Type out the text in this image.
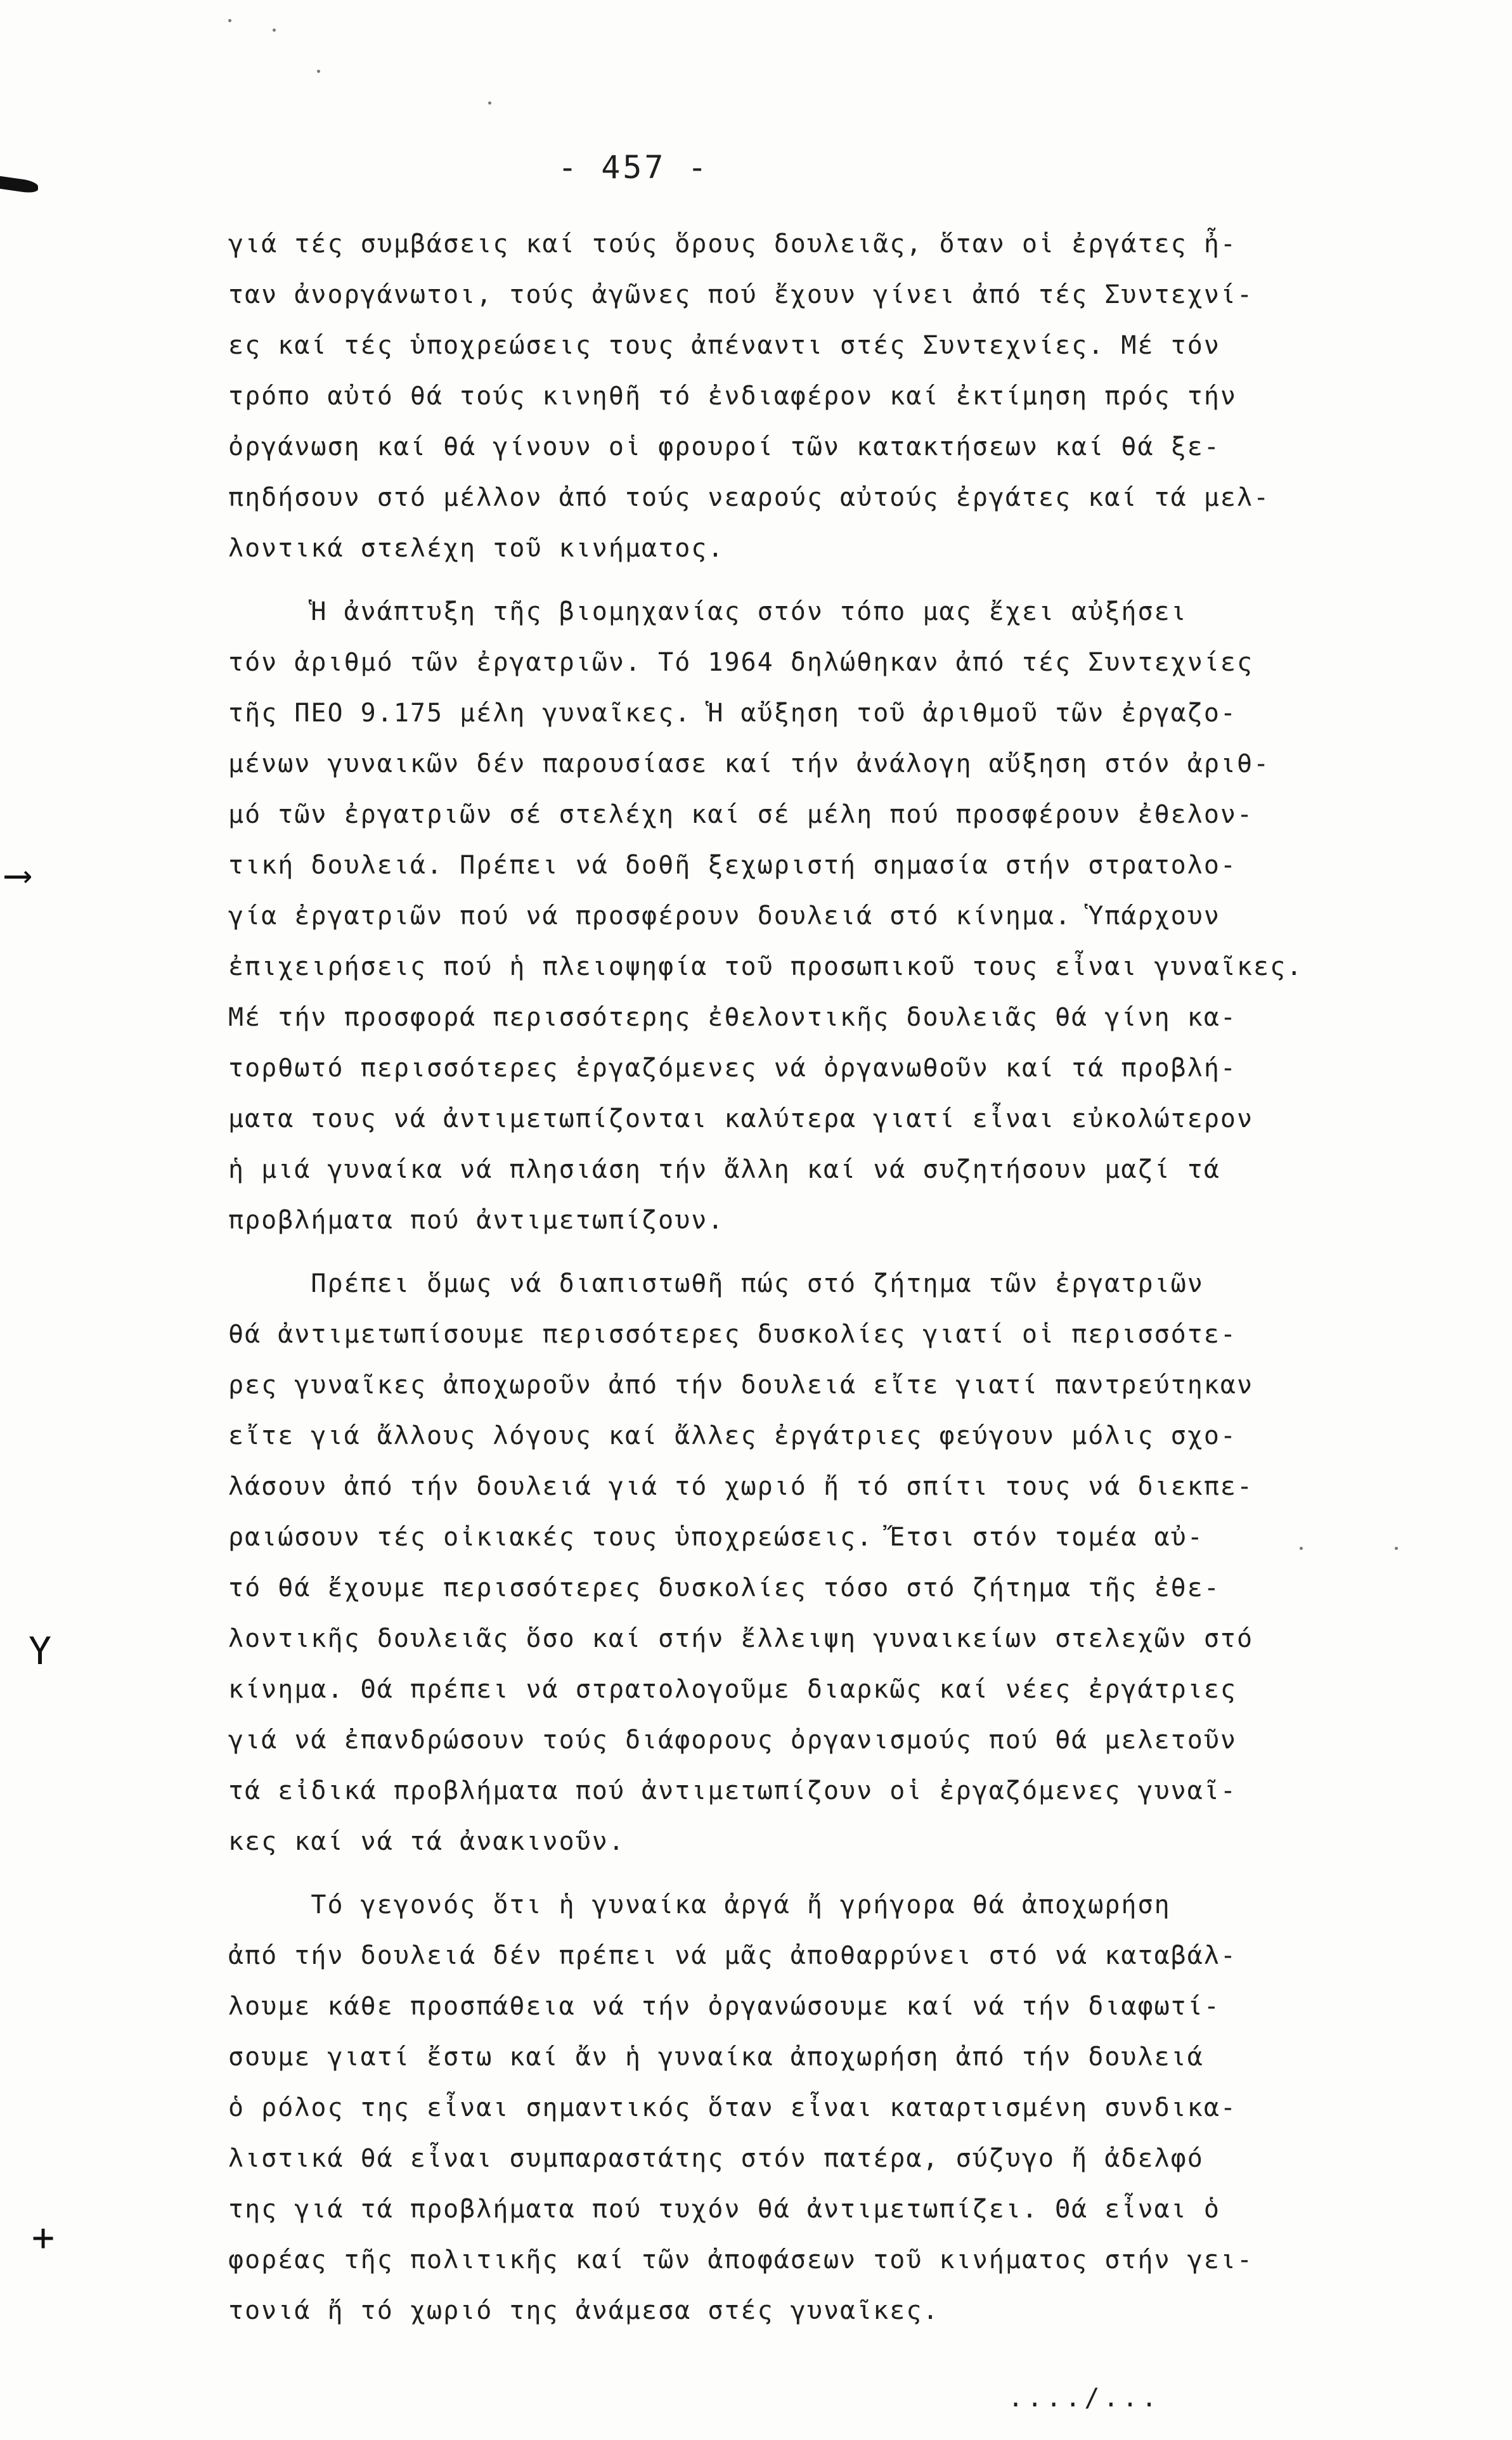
⟶
Y
+
- 457 -
γιά τές συμβάσεις καί τούς ὅρους δουλειᾶς, ὅταν οἱ ἐργάτες ἦ-
ταν ἀνοργάνωτοι, τούς ἀγῶνες πού ἔχουν γίνει ἀπό τές Συντεχνί-
ες καί τές ὑποχρεώσεις τους ἀπέναντι στές Συντεχνίες. Μέ τόν
τρόπο αὐτό θά τούς κινηθῆ τό ἐνδιαφέρον καί ἐκτίμηση πρός τήν
ὀργάνωση καί θά γίνουν οἱ φρουροί τῶν κατακτήσεων καί θά ξε-
πηδήσουν στό μέλλον ἀπό τούς νεαρούς αὐτούς ἐργάτες καί τά μελ-
λοντικά στελέχη τοῦ κινήματος.
Ἡ ἀνάπτυξη τῆς βιομηχανίας στόν τόπο μας ἔχει αὐξήσει
τόν ἀριθμό τῶν ἐργατριῶν. Τό 1964 δηλώθηκαν ἀπό τές Συντεχνίες
τῆς ΠΕΟ 9.175 μέλη γυναῖκες. Ἡ αὔξηση τοῦ ἀριθμοῦ τῶν ἐργαζο-
μένων γυναικῶν δέν παρουσίασε καί τήν ἀνάλογη αὔξηση στόν ἀριθ-
μό τῶν ἐργατριῶν σέ στελέχη καί σέ μέλη πού προσφέρουν ἐθελον-
τική δουλειά. Πρέπει νά δοθῆ ξεχωριστή σημασία στήν στρατολο-
γία ἐργατριῶν πού νά προσφέρουν δουλειά στό κίνημα. Ὑπάρχουν
ἐπιχειρήσεις πού ἡ πλειοψηφία τοῦ προσωπικοῦ τους εἶναι γυναῖκες.
Μέ τήν προσφορά περισσότερης ἐθελοντικῆς δουλειᾶς θά γίνη κα-
τορθωτό περισσότερες ἐργαζόμενες νά ὀργανωθοῦν καί τά προβλή-
ματα τους νά ἀντιμετωπίζονται καλύτερα γιατί εἶναι εὐκολώτερον
ἡ μιά γυναίκα νά πλησιάση τήν ἄλλη καί νά συζητήσουν μαζί τά
προβλήματα πού ἀντιμετωπίζουν.
Πρέπει ὅμως νά διαπιστωθῆ πώς στό ζήτημα τῶν ἐργατριῶν
θά ἀντιμετωπίσουμε περισσότερες δυσκολίες γιατί οἱ περισσότε-
ρες γυναῖκες ἀποχωροῦν ἀπό τήν δουλειά εἴτε γιατί παντρεύτηκαν
εἴτε γιά ἄλλους λόγους καί ἄλλες ἐργάτριες φεύγουν μόλις σχο-
λάσουν ἀπό τήν δουλειά γιά τό χωριό ἤ τό σπίτι τους νά διεκπε-
ραιώσουν τές οἰκιακές τους ὑποχρεώσεις. Ἔτσι στόν τομέα αὐ-
τό θά ἔχουμε περισσότερες δυσκολίες τόσο στό ζήτημα τῆς ἐθε-
λοντικῆς δουλειᾶς ὅσο καί στήν ἔλλειψη γυναικείων στελεχῶν στό
κίνημα. Θά πρέπει νά στρατολογοῦμε διαρκῶς καί νέες ἐργάτριες
γιά νά ἐπανδρώσουν τούς διάφορους ὀργανισμούς πού θά μελετοῦν
τά εἰδικά προβλήματα πού ἀντιμετωπίζουν οἱ ἐργαζόμενες γυναῖ-
κες καί νά τά ἀνακινοῦν.
Τό γεγονός ὅτι ἡ γυναίκα ἀργά ἤ γρήγορα θά ἀποχωρήση
ἀπό τήν δουλειά δέν πρέπει νά μᾶς ἀποθαρρύνει στό νά καταβάλ-
λουμε κάθε προσπάθεια νά τήν ὀργανώσουμε καί νά τήν διαφωτί-
σουμε γιατί ἔστω καί ἄν ἡ γυναίκα ἀποχωρήση ἀπό τήν δουλειά
ὁ ρόλος της εἶναι σημαντικός ὅταν εἶναι καταρτισμένη συνδικα-
λιστικά θά εἶναι συμπαραστάτης στόν πατέρα, σύζυγο ἤ ἀδελφό
της γιά τά προβλήματα πού τυχόν θά ἀντιμετωπίζει. Θά εἶναι ὁ
φορέας τῆς πολιτικῆς καί τῶν ἀποφάσεων τοῦ κινήματος στήν γει-
τονιά ἤ τό χωριό της ἀνάμεσα στές γυναῖκες.
..../...
